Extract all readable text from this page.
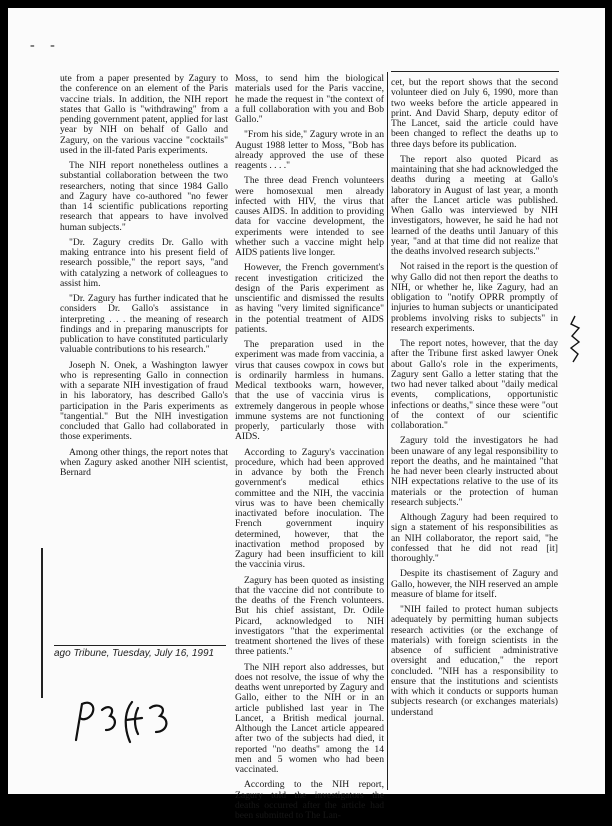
- -

ute from a paper presented by Zagury to the conference on an element of the Paris vaccine trials. In addition, the NIH report states that Gallo is "withdrawing" from a pending government patent, applied for last year by NIH on behalf of Gallo and Zagury, on the various vaccine "cocktails" used in the ill-fated Paris experiments.

The NIH report nonetheless outlines a substantial collaboration between the two researchers, noting that since 1984 Gallo and Zagury have co-authored "no fewer than 14 scientific publications reporting research that appears to have involved human subjects."

"Dr. Zagury credits Dr. Gallo with making entrance into his present field of research possible," the report says, "and with catalyzing a network of colleagues to assist him.

"Dr. Zagury has further indicated that he considers Dr. Gallo's assistance in interpreting . . . the meaning of research findings and in preparing manuscripts for publication to have constituted particularly valuable contributions to his research."

Joseph N. Onek, a Washington lawyer who is representing Gallo in connection with a separate NIH investigation of fraud in his laboratory, has described Gallo's participation in the Paris experiments as "tangential." But the NIH investigation concluded that Gallo had collaborated in those experiments.

Among other things, the report notes that when Zagury asked another NIH scientist, Bernard

Moss, to send him the biological materials used for the Paris vaccine, he made the request in "the context of a full collaboration with you and Bob Gallo."

"From his side," Zagury wrote in an August 1988 letter to Moss, "Bob has already approved the use of these reagents . . . ."

The three dead French volunteers were homosexual men already infected with HIV, the virus that causes AIDS. In addition to providing data for vaccine development, the experiments were intended to see whether such a vaccine might help AIDS patients live longer.

However, the French government's recent investigation criticized the design of the Paris experiment as unscientific and dismissed the results as having "very limited significance" in the potential treatment of AIDS patients.

The preparation used in the experiment was made from vaccinia, a virus that causes cowpox in cows but is ordinarily harmless in humans. Medical textbooks warn, however, that the use of vaccinia virus is extremely dangerous in people whose immune systems are not functioning properly, particularly those with AIDS.

According to Zagury's vaccination procedure, which had been approved in advance by both the French government's medical ethics committee and the NIH, the vaccinia virus was to have been chemically inactivated before inoculation. The French government inquiry determined, however, that the inactivation method proposed by Zagury had been insufficient to kill the vaccinia virus.

Zagury has been quoted as insisting that the vaccine did not contribute to the deaths of the French volunteers. But his chief assistant, Dr. Odile Picard, acknowledged to NIH investigators "that the experimental treatment shortened the lives of these three patients."

The NIH report also addresses, but does not resolve, the issue of why the deaths went unreported by Zagury and Gallo, either to the NIH or in an article published last year in The Lancet, a British medical journal. Although the Lancet article appeared after two of the subjects had died, it reported "no deaths" among the 14 men and 5 women who had been vaccinated.

According to the NIH report, Zagury told the investigators the deaths occurred after the article had been submitted to The Lan-

cet, but the report shows that the second volunteer died on July 6, 1990, more than two weeks before the article appeared in print. And David Sharp, deputy editor of The Lancet, said the article could have been changed to reflect the deaths up to three days before its publication.

The report also quoted Picard as maintaining that she had acknowledged the deaths during a meeting at Gallo's laboratory in August of last year, a month after the Lancet article was published. When Gallo was interviewed by NIH investigators, however, he said he had not learned of the deaths until January of this year, "and at that time did not realize that the deaths involved research subjects."

Not raised in the report is the question of why Gallo did not then report the deaths to NIH, or whether he, like Zagury, had an obligation to "notify OPRR promptly of injuries to human subjects or unanticipated problems involving risks to subjects" in research experiments.

The report notes, however, that the day after the Tribune first asked lawyer Onek about Gallo's role in the experiments, Zagury sent Gallo a letter stating that the two had never talked about "daily medical events, complications, opportunistic infections or deaths," since these were "out of the context of our scientific collaboration."

Zagury told the investigators he had been unaware of any legal responsibility to report the deaths, and he maintained "that he had never been clearly instructed about NIH expectations relative to the use of its materials or the protection of human research subjects."

Although Zagury had been required to sign a statement of his responsibilities as an NIH collaborator, the report said, "he confessed that he did not read [it] thoroughly."

Despite its chastisement of Zagury and Gallo, however, the NIH reserved an ample measure of blame for itself.

"NIH failed to protect human subjects adequately by permitting human subjects research activities (or the exchange of materials) with foreign scientists in the absence of sufficient administrative oversight and education," the report concluded. "NIH has a responsibility to ensure that the institutions and scientists with which it conducts or supports human subjects research (or exchanges materials) understand

ago Tribune, Tuesday, July 16, 1991
